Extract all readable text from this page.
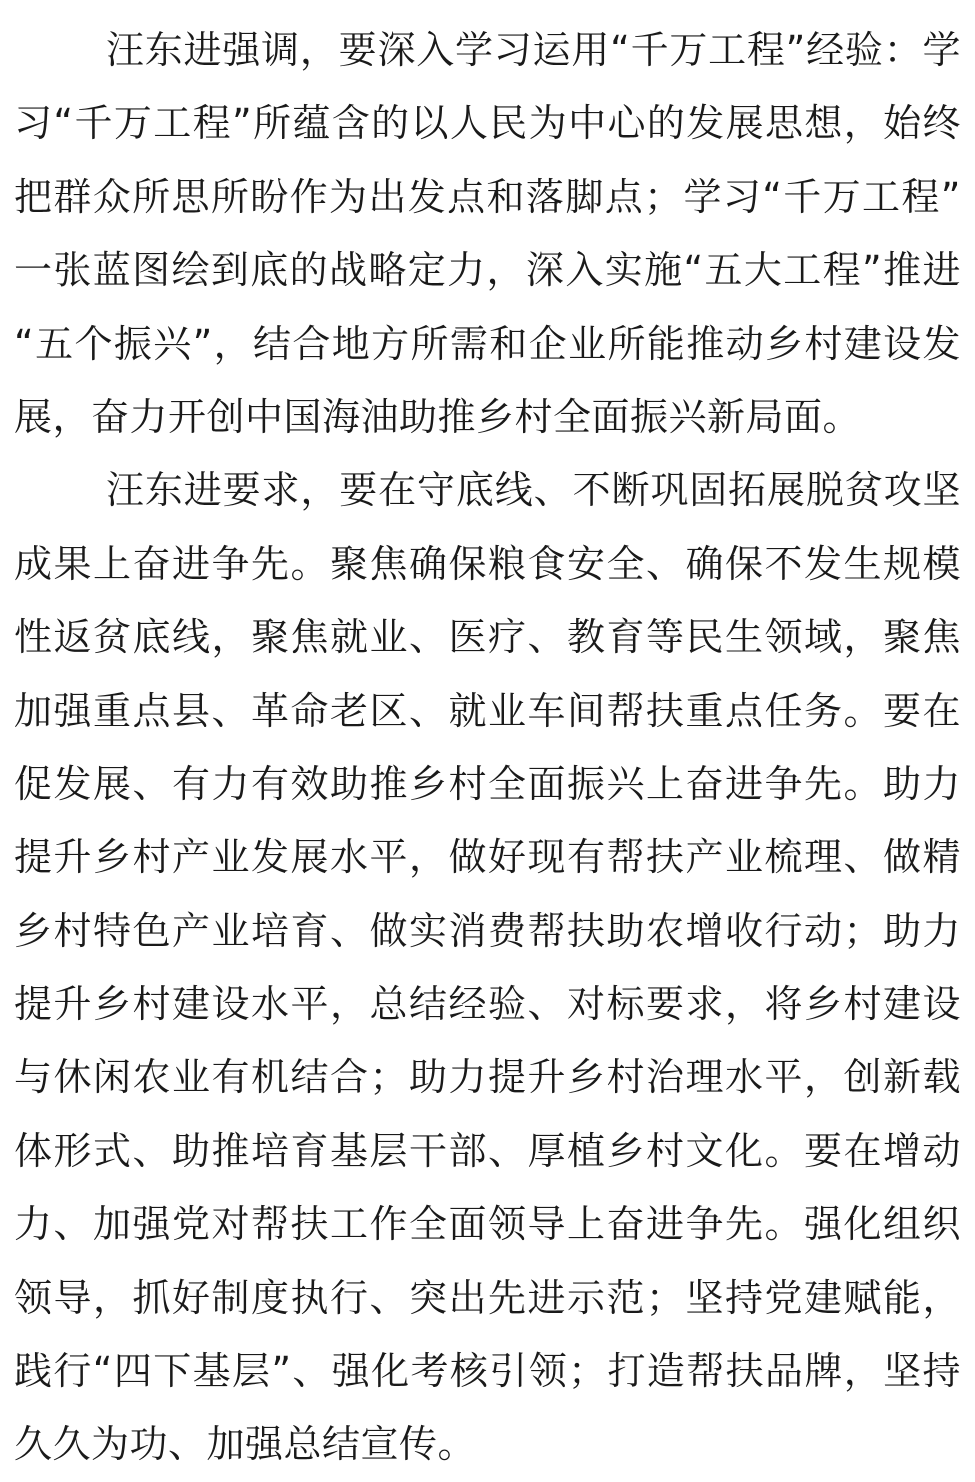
汪东进强调，要深入学习运用“千万工程”经验：学
习“千万工程”所蕴含的以人民为中心的发展思想，始终
把群众所思所盼作为出发点和落脚点；学习“千万工程”
一张蓝图绘到底的战略定力，深入实施“五大工程”推进
“五个振兴”，结合地方所需和企业所能推动乡村建设发
展，奋力开创中国海油助推乡村全面振兴新局面。
汪东进要求，要在守底线、不断巩固拓展脱贫攻坚
成果上奋进争先。聚焦确保粮食安全、确保不发生规模
性返贫底线，聚焦就业、医疗、教育等民生领域，聚焦
加强重点县、革命老区、就业车间帮扶重点任务。要在
促发展、有力有效助推乡村全面振兴上奋进争先。助力
提升乡村产业发展水平，做好现有帮扶产业梳理、做精
乡村特色产业培育、做实消费帮扶助农增收行动；助力
提升乡村建设水平，总结经验、对标要求，将乡村建设
与休闲农业有机结合；助力提升乡村治理水平，创新载
体形式、助推培育基层干部、厚植乡村文化。要在增动
力、加强党对帮扶工作全面领导上奋进争先。强化组织
领导，抓好制度执行、突出先进示范；坚持党建赋能，
践行“四下基层”、强化考核引领；打造帮扶品牌，坚持
久久为功、加强总结宣传。
